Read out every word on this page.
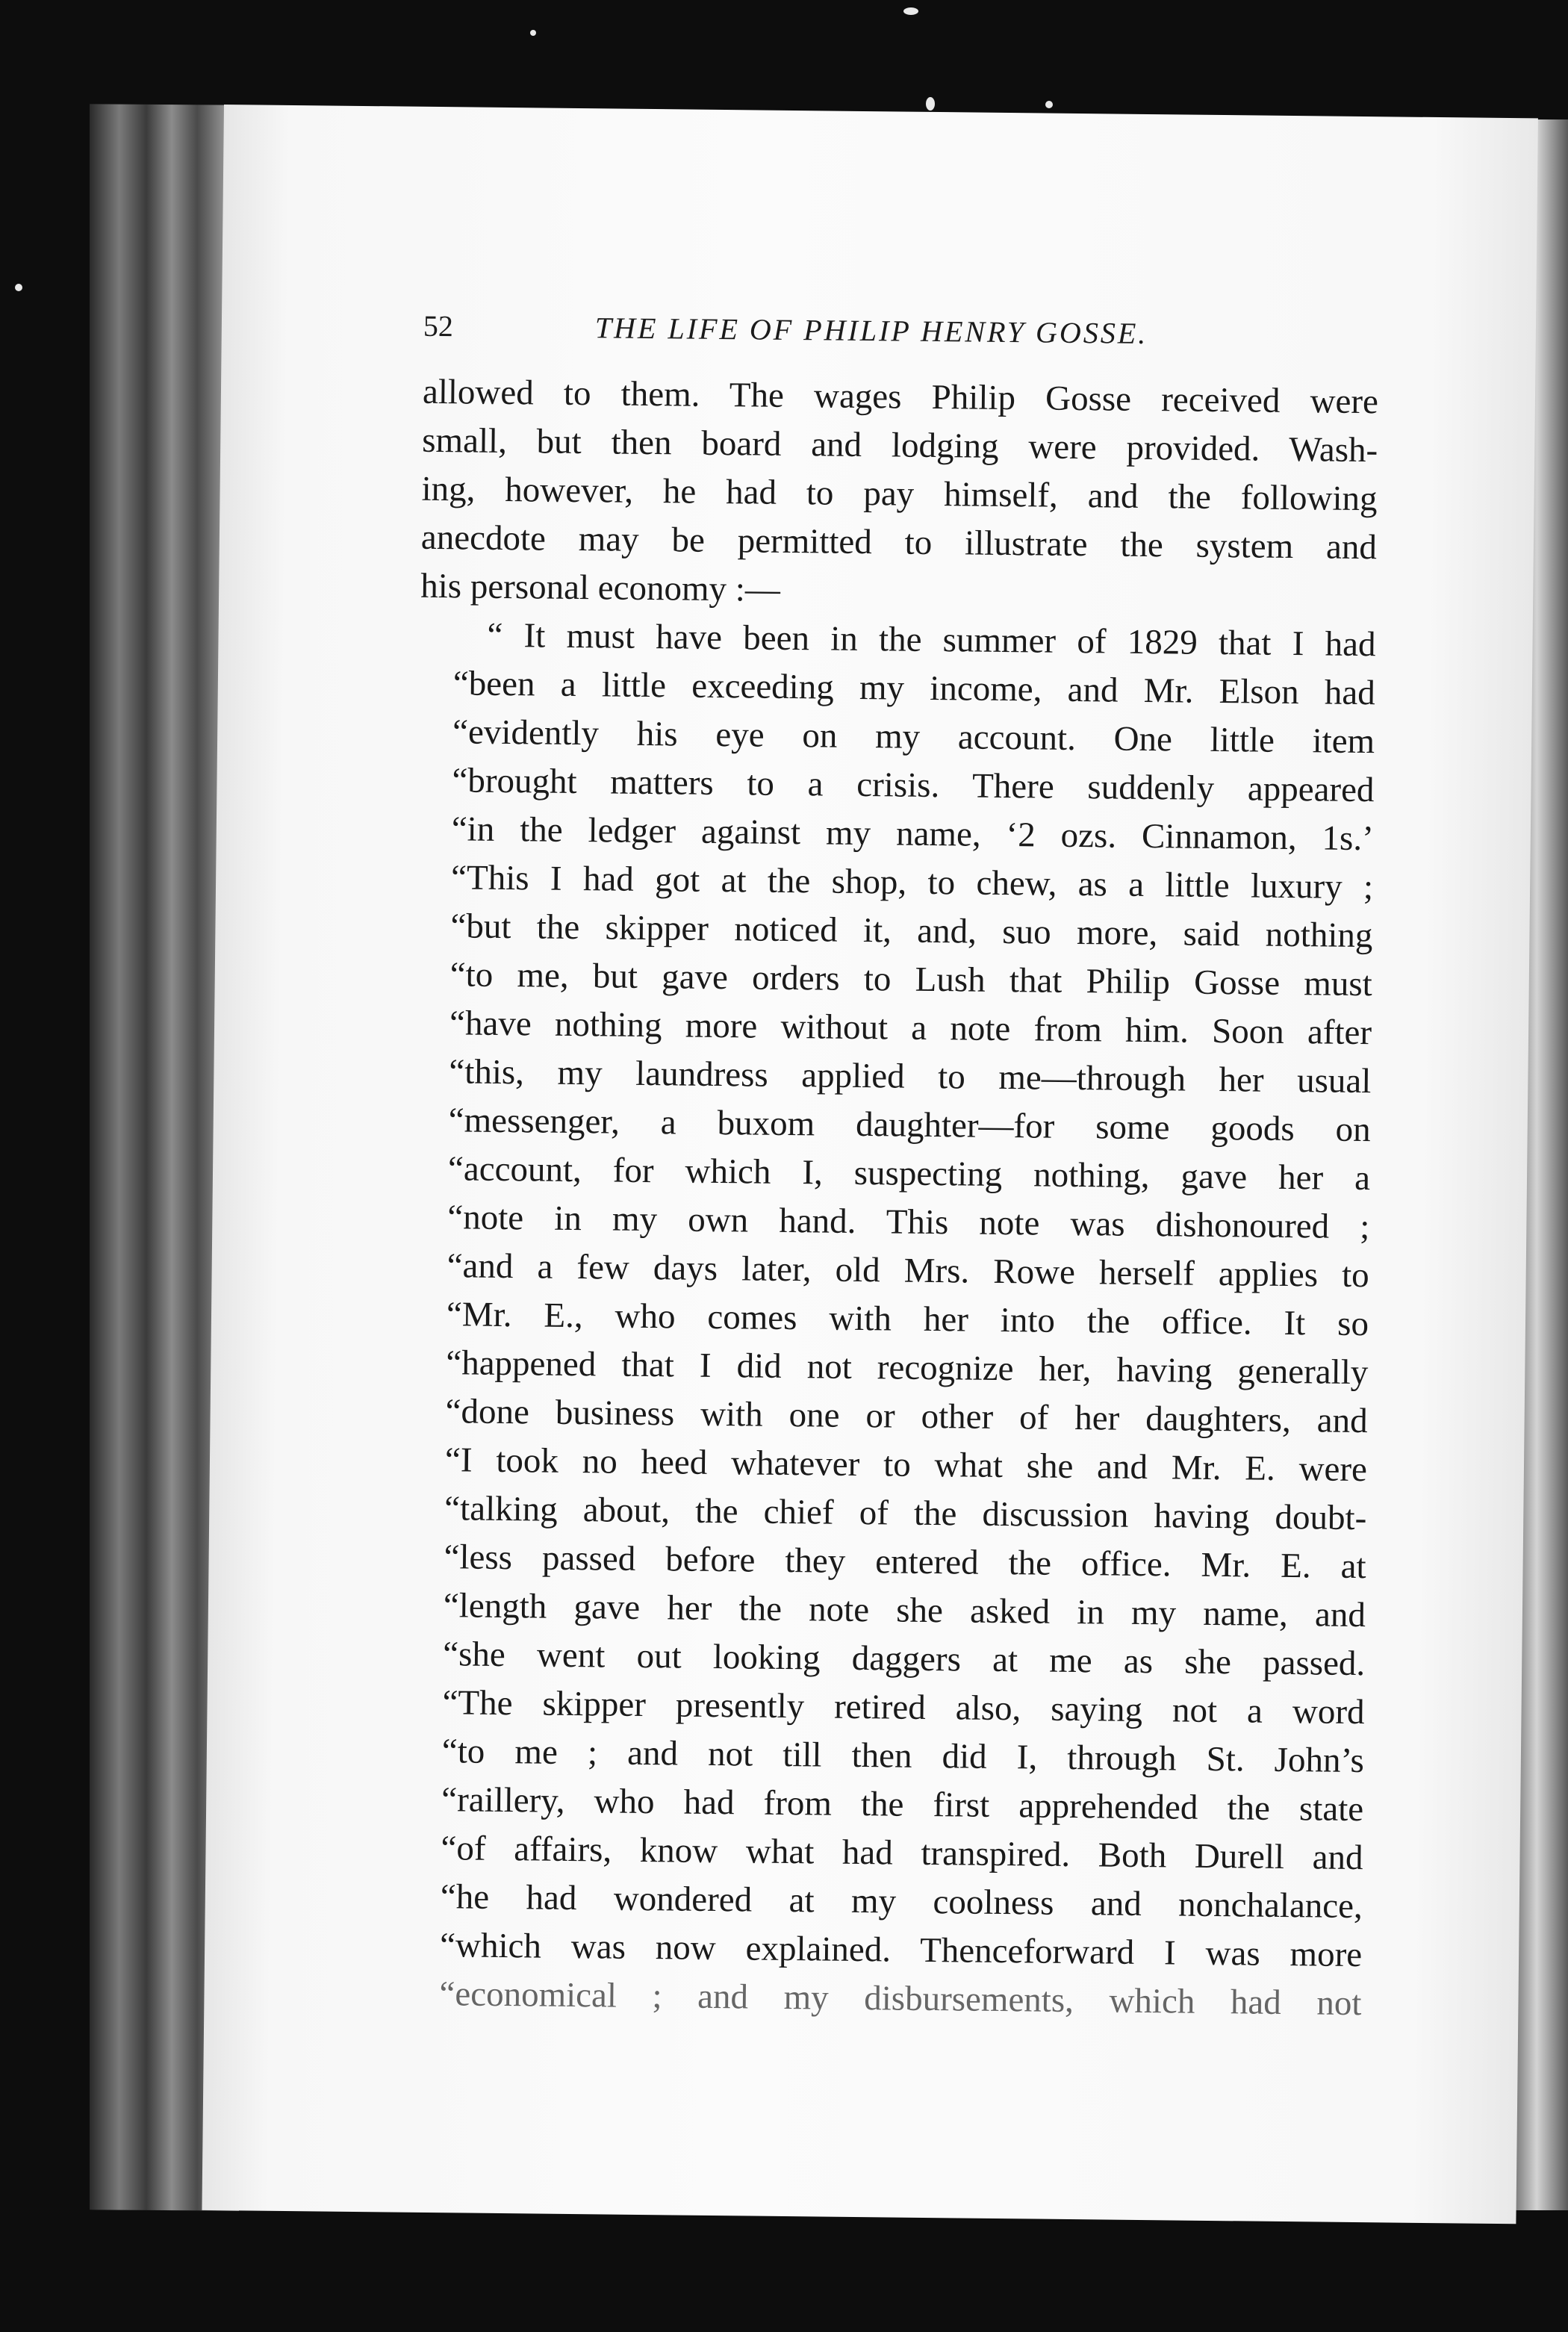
52	THE LIFE OF PHILIP HENRY GOSSE.
allowed to them. The wages Philip Gosse received were
small, but then board and lodging were provided. Wash-
ing, however, he had to pay himself, and the following
anecdote may be permitted to illustrate the system and
his personal economy :—
“ It must have been in the summer of 1829 that I had
“been a little exceeding my income, and Mr. Elson had
“evidently his eye on my account. One little item
“brought matters to a crisis. There suddenly appeared
“in the ledger against my name, ‘2 ozs. Cinnamon, 1s.’
“This I had got at the shop, to chew, as a little luxury ;
“but the skipper noticed it, and, suo more, said nothing
“to me, but gave orders to Lush that Philip Gosse must
“have nothing more without a note from him. Soon after
“this, my laundress applied to me—through her usual
“messenger, a buxom daughter—for some goods on
“account, for which I, suspecting nothing, gave her a
“note in my own hand. This note was dishonoured ;
“and a few days later, old Mrs. Rowe herself applies to
“Mr. E., who comes with her into the office. It so
“happened that I did not recognize her, having generally
“done business with one or other of her daughters, and
“I took no heed whatever to what she and Mr. E. were
“talking about, the chief of the discussion having doubt-
“less passed before they entered the office. Mr. E. at
“length gave her the note she asked in my name, and
“she went out looking daggers at me as she passed.
“The skipper presently retired also, saying not a word
“to me ; and not till then did I, through St. John’s
“raillery, who had from the first apprehended the state
“of affairs, know what had transpired. Both Durell and
“he had wondered at my coolness and nonchalance,
“which was now explained. Thenceforward I was more
“economical ; and my disbursements, which had not
